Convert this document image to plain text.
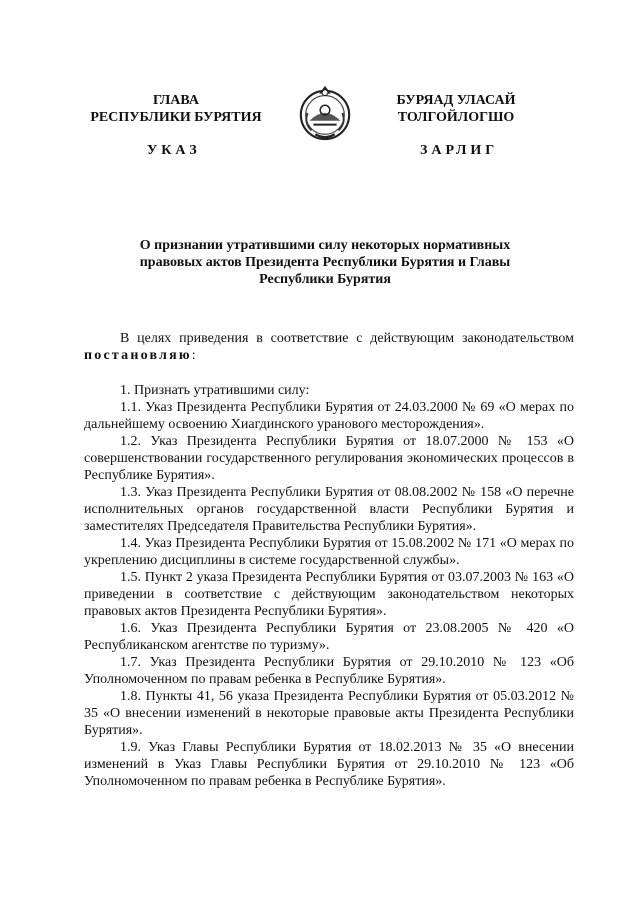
ГЛАВА
РЕСПУБЛИКИ БУРЯТИЯ
БУРЯАД УЛАСАЙ
ТОЛГОЙЛОГШО
УКАЗ	ЗАРЛИГ
О признании утратившими силу некоторых нормативных правовых актов Президента Республики Бурятия и Главы Республики Бурятия

В целях приведения в соответствие с действующим законодательством постановляю:

1. Признать утратившими силу:

1.1. Указ Президента Республики Бурятия от 24.03.2000 № 69 «О мерах по дальнейшему освоению Хиагдинского уранового месторождения».

1.2. Указ Президента Республики Бурятия от 18.07.2000 № 153 «О совершенствовании государственного регулирования экономических процессов в Республике Бурятия».

1.3. Указ Президента Республики Бурятия от 08.08.2002 № 158 «О перечне исполнительных органов государственной власти Республики Бурятия и заместителях Председателя Правительства Республики Бурятия».

1.4. Указ Президента Республики Бурятия от 15.08.2002 № 171 «О мерах по укреплению дисциплины в системе государственной службы».

1.5. Пункт 2 указа Президента Республики Бурятия от 03.07.2003 № 163 «О приведении в соответствие с действующим законодательством некоторых правовых актов Президента Республики Бурятия».

1.6. Указ Президента Республики Бурятия от 23.08.2005 № 420 «О Республиканском агентстве по туризму».

1.7. Указ Президента Республики Бурятия от 29.10.2010 № 123 «Об Уполномоченном по правам ребенка в Республике Бурятия».

1.8. Пункты 41, 56 указа Президента Республики Бурятия от 05.03.2012 № 35 «О внесении изменений в некоторые правовые акты Президента Республики Бурятия».

1.9. Указ Главы Республики Бурятия от 18.02.2013 № 35 «О внесении изменений в Указ Главы Республики Бурятия от 29.10.2010 № 123 «Об Уполномоченном по правам ребенка в Республике Бурятия».
